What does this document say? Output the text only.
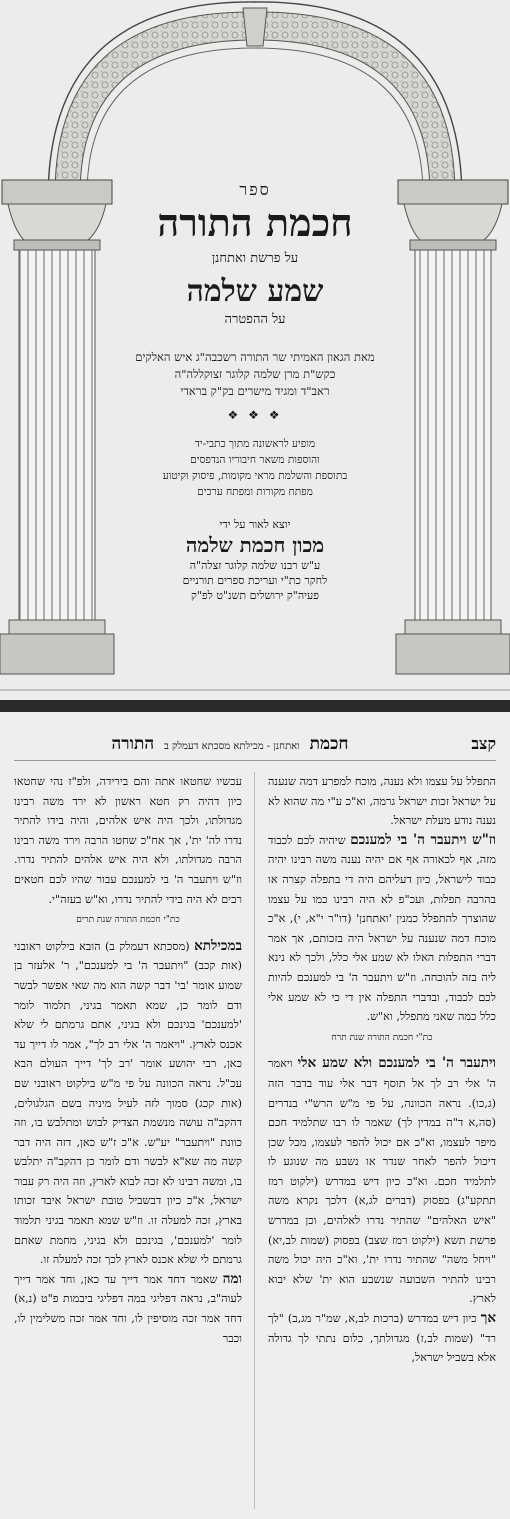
ספר
חכמת התורה
על פרשת ואתחנן
שמע שלמה
על ההפטרה
מאת הגאון האמיתי שר התורה רשכבה"ג איש האלקים
כקש"ת מרן שלמה קלוגר זצוקללה"ה
ראב"ד ומגיד מישרים בק"ק בראדי
❖ ❖ ❖
מופיע לראשונה מתוך כתבי-יד
והוספות משאר חיבוריו הנדפסים
בתוספת והשלמת מראי מקומות, פיסוק וקיטוע
מפתח מקורות ומפתח ערכים
יוצא לאור על ידי
מכון חכמת שלמה
ע"ש רבנו שלמה קלוגר זצלה"ה
לחקר כת"י ועריכת ספרים תורניים
פעיה"ק ירושלים תשנ"ט לפ"ק
קצב
חכמת ואתחנן - מכילתא מסכתא דעמלק ב התורה

התפלל על עצמו ולא נענה, מוכח למפרע דמה שנענה על ישראל זכות ישראל גרמה, וא"כ ע"י מה שהוא לא נענה נודע מעלת ישראל.

וז"ש ויתעבר ה' בי למענכם שיהיה לכם לכבוד מזה, אף לכאורה אף אם יהיה נענה משה רבינו יהיה כבוד לישראל, כיון דעליהם היה די בתפלה קצרה או בהרבה תפלות, ועכ"פ לא היה רבינו כמו על עצמו שהוצרך להתפלל כמנין 'ואתחנן' (דו"ר י"א, י), א"כ מוכח דמה שנענה על ישראל היה בזכותם, אך אמר דברי התפלות האלו לא שמע אלי כלל, ולכך לא נינא ליה בזה להוכחה. וז"ש ויתעבר ה' בי למענכם להיות לכם לכבוד, ובדברי התפלה אין די כי לא שמע אלי כלל כמה שאני מתפלל, וא"ש.

כת"י חכמת התורה שנת תרח

ויתעבר ה' בי למענכם ולא שמע אלי ויאמר ה' אלי רב לך אל תוסף דבר אלי עוד בדבר הזה (ג,כו). נראה הכוונה, על פי מ"ש הרש"י בנדרים (סה,א ד"ה במדין לך) שאמר לו רבו שתלמיד חכם מיפר לעצמו, וא"כ אם יכול להפר לעצמו, מכל שכן דיכול להפר לאחר שנדר או נשבע מה שנוגע לו לתלמיד חכם. וא"כ כיון דיש במדרש (ילקוט רמז תתקע"ג) בפסוק (דברים לג,א) דלכך נקרא משה "איש האלהים" שהתיר נדרו לאלהים, וכן במדרש פרשת תשא (ילקוט רמז שצב) בפסוק (שמות לב,יא) "ויחל משה" שהתיר נדרו ית', וא"כ היה יכול משה רבינו להתיר השבועה שנשבע הוא ית' שלא יבוא לארץ.

אך כיון דיש במדרש (ברכות לב,א, שמ"ר מג,ב) "לך רד" (שמות לב,ז) מגדולתך, כלום נתתי לך גדולה אלא בשביל ישראל,

עכשיו שחטאו אתה והם בירידה, ולפ"ז נהי שחטאו כיון דהיה רק חטא ראשון לא ירד משה רבינו מגדולתו, ולכך היה איש אלהים, והיה בידו להתיר נדרו לה' ית', אך אח"כ שחטו הרבה וירד משה רבינו הרבה מגדולתו, ולא היה איש אלהים להתיר נדרו. וז"ש ויתעבר ה' בי למענכם עבור שהיו לכם חטאים רבים לא היה בידי להתיר נדרו, וא"ש בעזה"י.

כת"י חכמת התורה שנת תרים

במכילתא (מסכתא דעמלק ב) הובא בילקוט ראובני (אות קכב) "ויתעבר ה' בי למענכם", ר' אלעזר בן שמוע אומר 'בי' דבר קשה הוא מה שאי אפשר לבשר ודם לומר כן, שמא תאמר בגיני, תלמוד לומר 'למענכם' בגינכם ולא בגיני, אתם גרמתם לי שלא אכנס לארץ. "ויאמר ה' אלי רב לך", אמר לו דייך עד כאן, רבי יהושע אומר 'רב לך' דייך העולם הבא עכ"ל. נראה הכוונה על פי מ"ש בילקוט ראובני שם (אות קכג) סמוך לזה לעיל מיניה בשם הגלגולים, דהקב"ה עושה מנשמת הצדיק לבוש ומתלבש בו, וזה כוונת "ויתעבר" יע"ש. א"כ ז"ש כאן, דזה היה דבר קשה מה שא"א לבשר ודם לומר כן דהקב"ה יתלבש בו, ומשה רבינו לא זכה לבוא לארץ, וזה היה רק עבור ישראל, א"כ כיון דבשביל טובת ישראל איבד זכותו בארץ, זכה למעלה זו. וז"ש שמא תאמר בגיני תלמוד לומר 'למענכם', בגינכם ולא בגיני, מחמת שאתם גרמתם לי שלא אכנס לארץ לכך זכה למעלה זו.

ומה שאמר דחד אמר דייך עד כאן, וחד אמר דייך לעוה"ב, נראה דפליגי במה דפליגי ביבמות פ"ט (נ,א) דחד אמר זכה מוסיפין לו, וחד אמר זכה משלימין לו, וכבר
